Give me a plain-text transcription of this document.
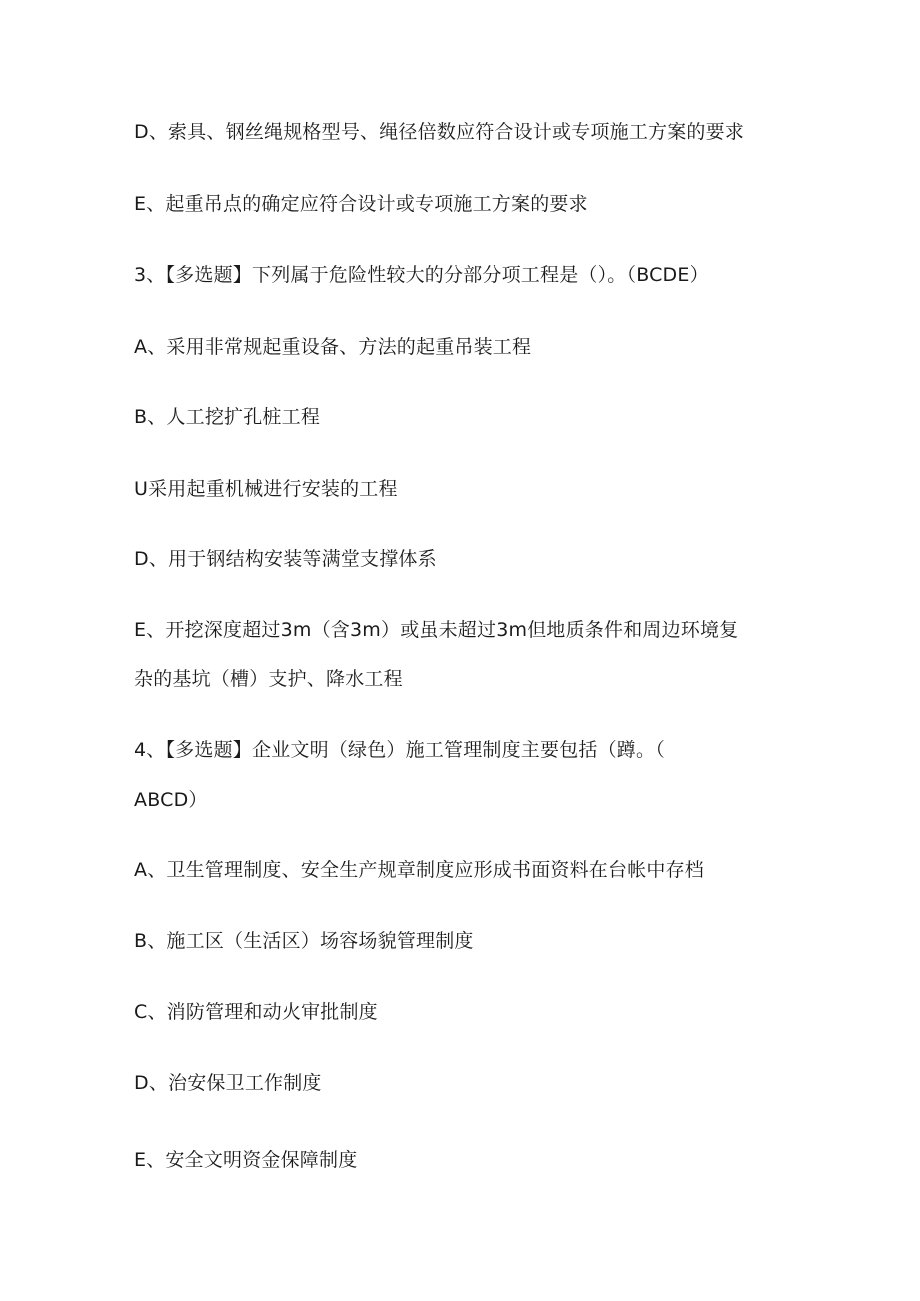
D、索具、钢丝绳规格型号、绳径倍数应符合设计或专项施工方案的要求
E、起重吊点的确定应符合设计或专项施工方案的要求
3、【多选题】下列属于危险性较大的分部分项工程是（）。（BCDE）
A、采用非常规起重设备、方法的起重吊装工程
B、人工挖扩孔桩工程
U采用起重机械进行安装的工程
D、用于钢结构安装等满堂支撑体系
E、开挖深度超过3m（含3m）或虽未超过3m但地质条件和周边环境复
杂的基坑（槽）支护、降水工程
4、【多选题】企业文明（绿色）施工管理制度主要包括（蹲。（
ABCD）
A、卫生管理制度、安全生产规章制度应形成书面资料在台帐中存档
B、施工区（生活区）场容场貌管理制度
C、消防管理和动火审批制度
D、治安保卫工作制度
E、安全文明资金保障制度
